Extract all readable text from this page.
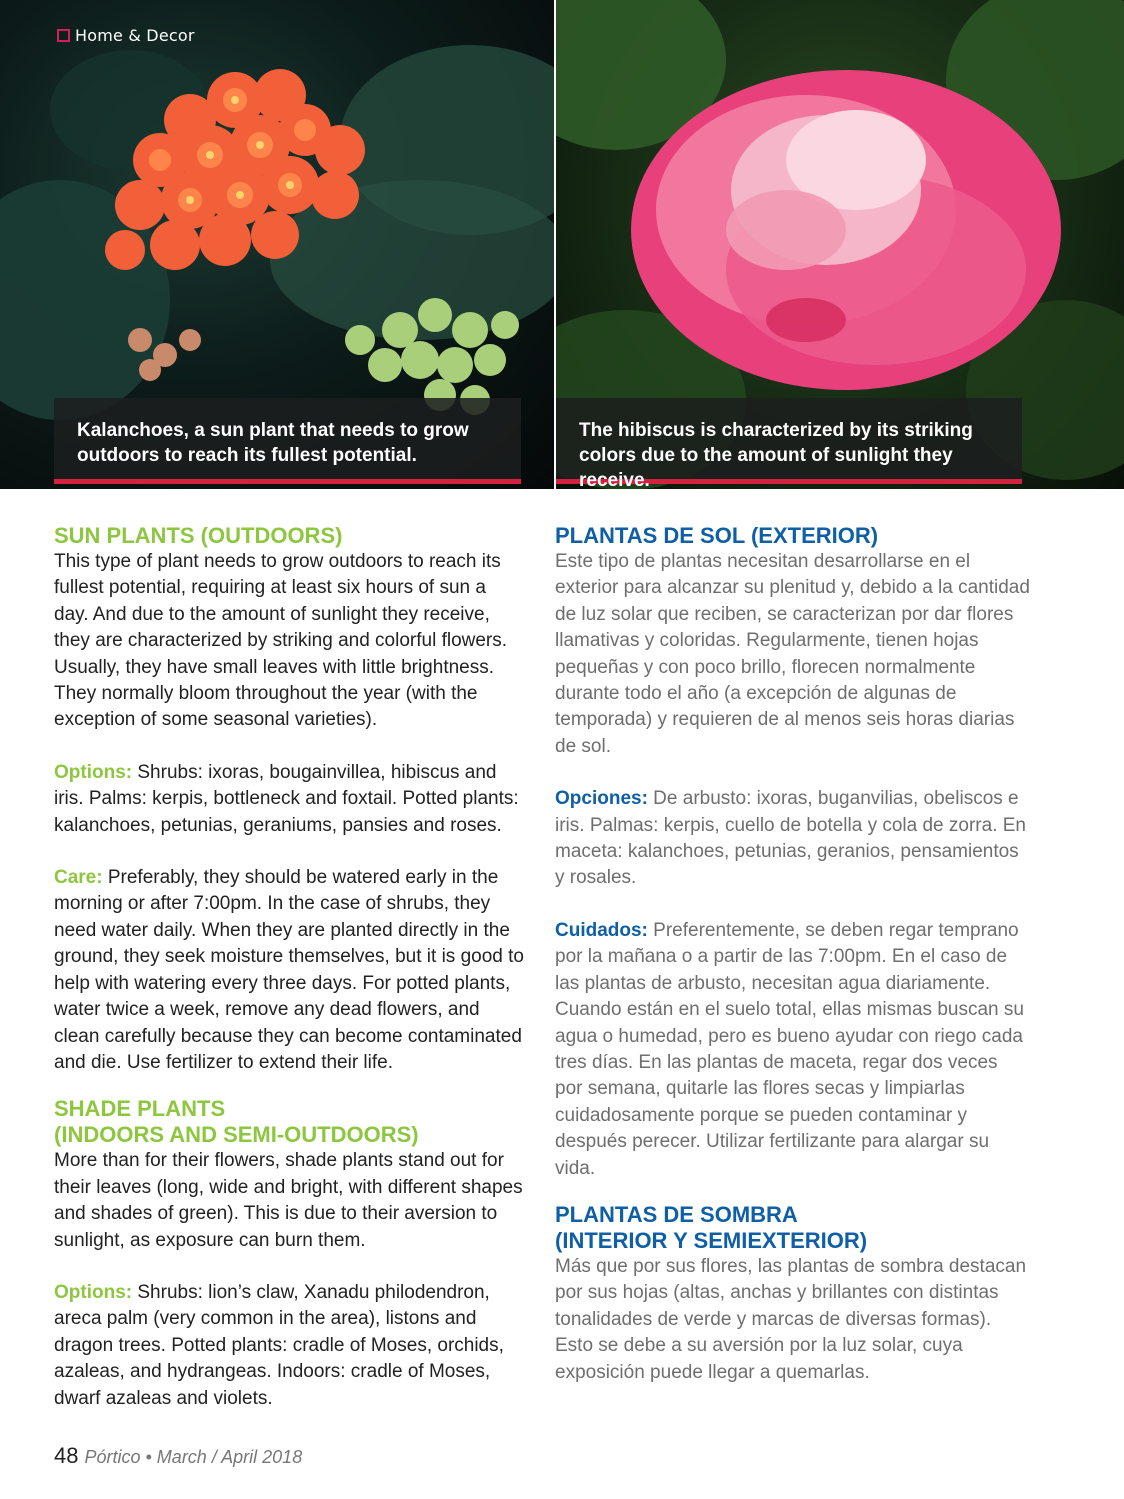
Home & Decor

Kalanchoes, a sun plant that needs to grow outdoors to reach its fullest potential.

The hibiscus is characterized by its striking colors due to the amount of sunlight they receive.

SUN PLANTS (OUTDOORS)

This type of plant needs to grow outdoors to reach its fullest potential, requiring at least six hours of sun a day. And due to the amount of sunlight they receive, they are characterized by striking and colorful flowers. Usually, they have small leaves with little brightness. They normally bloom throughout the year (with the exception of some seasonal varieties).

Options: Shrubs: ixoras, bougainvillea, hibiscus and iris. Palms: kerpis, bottleneck and foxtail. Potted plants: kalanchoes, petunias, geraniums, pansies and roses.

Care: Preferably, they should be watered early in the morning or after 7:00pm. In the case of shrubs, they need water daily. When they are planted directly in the ground, they seek moisture themselves, but it is good to help with watering every three days. For potted plants, water twice a week, remove any dead flowers, and clean carefully because they can become contaminated and die. Use fertilizer to extend their life.

SHADE PLANTS
(INDOORS AND SEMI-OUTDOORS)

More than for their flowers, shade plants stand out for their leaves (long, wide and bright, with different shapes and shades of green). This is due to their aversion to sunlight, as exposure can burn them.

Options: Shrubs: lion’s claw, Xanadu philodendron, areca palm (very common in the area), listons and dragon trees. Potted plants: cradle of Moses, orchids, azaleas, and hydrangeas. Indoors: cradle of Moses, dwarf azaleas and violets.

PLANTAS DE SOL (EXTERIOR)

Este tipo de plantas necesitan desarrollarse en el exterior para alcanzar su plenitud y, debido a la cantidad de luz solar que reciben, se caracterizan por dar flores llamativas y coloridas. Regularmente, tienen hojas pequeñas y con poco brillo, florecen normalmente durante todo el año (a excepción de algunas de temporada) y requieren de al menos seis horas diarias de sol.

Opciones: De arbusto: ixoras, buganvilias, obeliscos e iris. Palmas: kerpis, cuello de botella y cola de zorra. En maceta: kalanchoes, petunias, geranios, pensamientos y rosales.

Cuidados: Preferentemente, se deben regar temprano por la mañana o a partir de las 7:00pm. En el caso de las plantas de arbusto, necesitan agua diariamente. Cuando están en el suelo total, ellas mismas buscan su agua o humedad, pero es bueno ayudar con riego cada tres días. En las plantas de maceta, regar dos veces por semana, quitarle las flores secas y limpiarlas cuidadosamente porque se pueden contaminar y después perecer. Utilizar fertilizante para alargar su vida.

PLANTAS DE SOMBRA
(INTERIOR Y SEMIEXTERIOR)

Más que por sus flores, las plantas de sombra destacan por sus hojas (altas, anchas y brillantes con distintas tonalidades de verde y marcas de diversas formas). Esto se debe a su aversión por la luz solar, cuya exposición puede llegar a quemarlas.

48 Pórtico • March / April 2018
